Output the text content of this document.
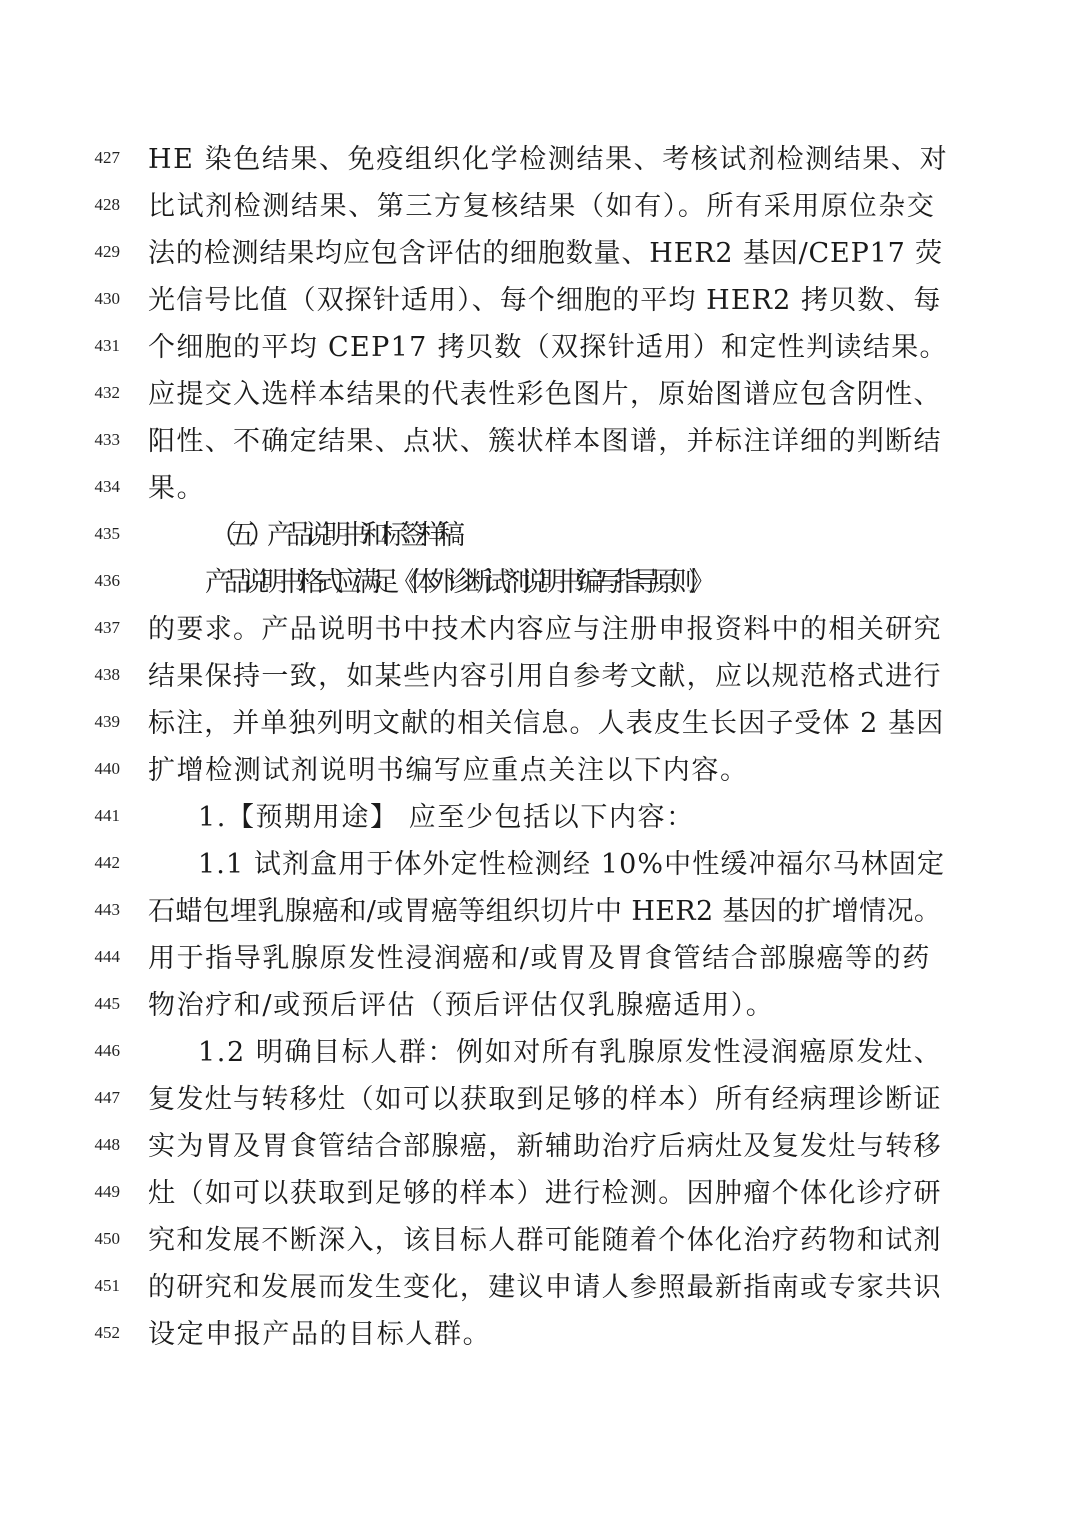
427 HE 染色结果、免疫组织化学检测结果、考核试剂检测结果、对
428 比试剂检测结果、第三方复核结果（如有）。所有采用原位杂交
429 法的检测结果均应包含评估的细胞数量、HER2 基因/CEP17 荧
430 光信号比值（双探针适用）、每个细胞的平均 HER2 拷贝数、每
431 个细胞的平均 CEP17 拷贝数（双探针适用）和定性判读结果。
432 应提交入选样本结果的代表性彩色图片，原始图谱应包含阴性、
433 阳性、不确定结果、点状、簇状样本图谱，并标注详细的判断结
434 果。
435	（五）产品说明书和标签样稿
436	产品说明书格式应满足《体外诊断试剂说明书编写指导原则》
437 的要求。产品说明书中技术内容应与注册申报资料中的相关研究
438 结果保持一致，如某些内容引用自参考文献，应以规范格式进行
439 标注，并单独列明文献的相关信息。人表皮生长因子受体 2 基因
440 扩增检测试剂说明书编写应重点关注以下内容。
441	1.【预期用途】 应至少包括以下内容：
442	1.1 试剂盒用于体外定性检测经 10%中性缓冲福尔马林固定
443 石蜡包埋乳腺癌和/或胃癌等组织切片中 HER2 基因的扩增情况。
444 用于指导乳腺原发性浸润癌和/或胃及胃食管结合部腺癌等的药
445 物治疗和/或预后评估（预后评估仅乳腺癌适用）。
446	1.2 明确目标人群：例如对所有乳腺原发性浸润癌原发灶、
447 复发灶与转移灶（如可以获取到足够的样本）所有经病理诊断证
448 实为胃及胃食管结合部腺癌，新辅助治疗后病灶及复发灶与转移
449 灶（如可以获取到足够的样本）进行检测。因肿瘤个体化诊疗研
450 究和发展不断深入，该目标人群可能随着个体化治疗药物和试剂
451 的研究和发展而发生变化，建议申请人参照最新指南或专家共识
452 设定申报产品的目标人群。
